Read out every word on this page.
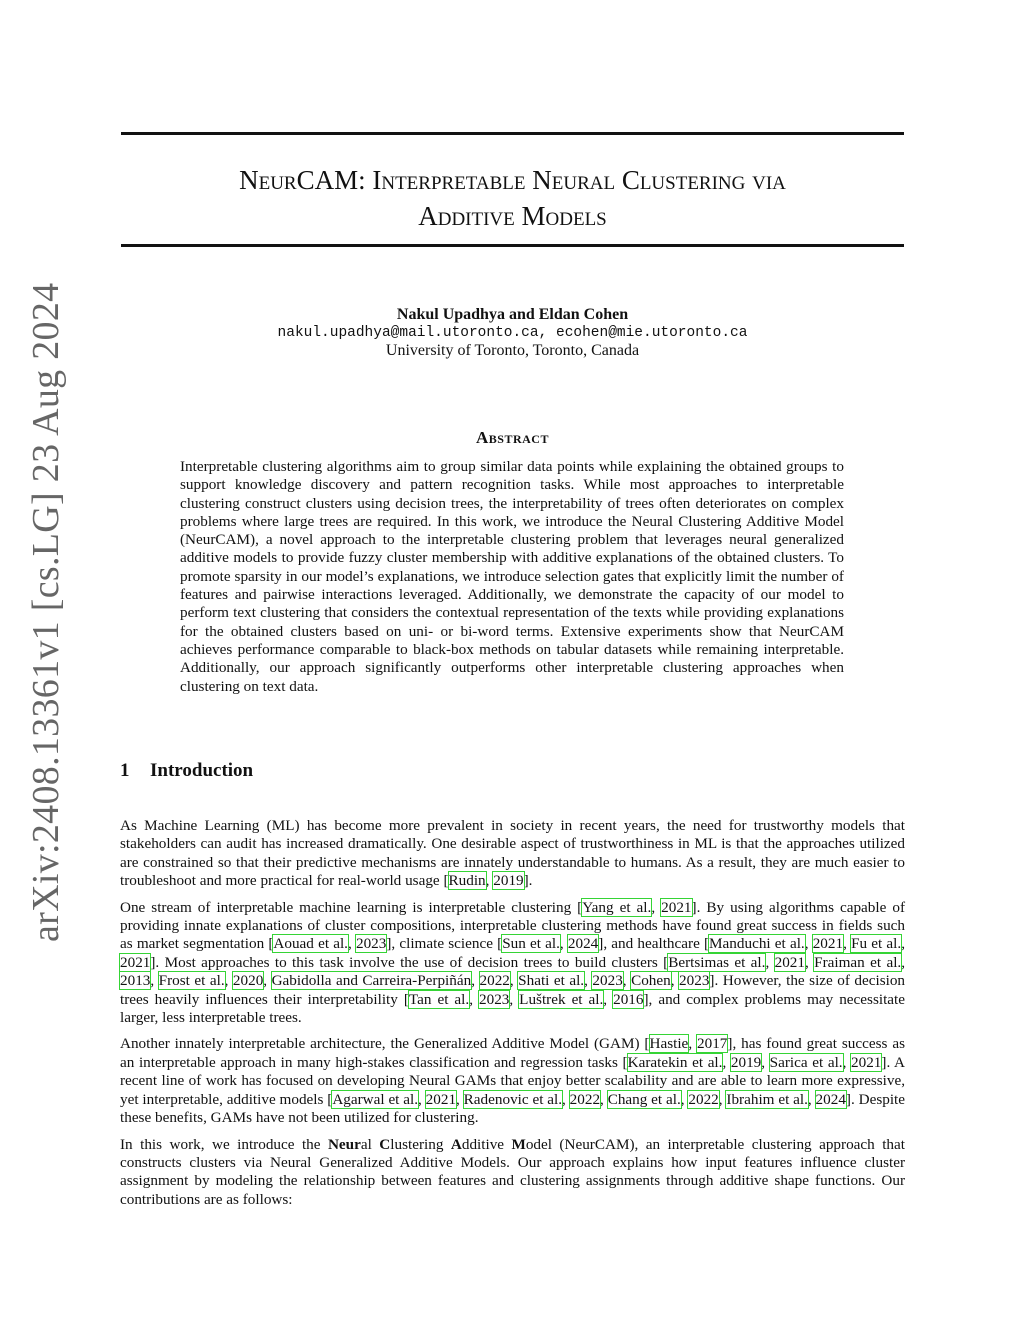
arXiv:2408.13361v1 [cs.LG] 23 Aug 2024
NeurCAM: Interpretable Neural Clustering via
Additive Models
Nakul Upadhya and Eldan Cohen
nakul.upadhya@mail.utoronto.ca, ecohen@mie.utoronto.ca
University of Toronto, Toronto, Canada
Abstract

Interpretable clustering algorithms aim to group similar data points while explaining the obtained groups to support knowledge discovery and pattern recognition tasks. While most approaches to interpretable clustering construct clusters using decision trees, the interpretability of trees often deteriorates on complex problems where large trees are required. In this work, we introduce the Neural Clustering Additive Model (NeurCAM), a novel approach to the interpretable clustering problem that leverages neural generalized additive models to provide fuzzy cluster membership with additive explanations of the obtained clusters. To promote sparsity in our model’s explanations, we introduce selection gates that explicitly limit the number of features and pairwise interactions leveraged. Additionally, we demonstrate the capacity of our model to perform text clustering that considers the contextual representation of the texts while providing explanations for the obtained clusters based on uni- or bi-word terms. Extensive experiments show that NeurCAM achieves performance comparable to black-box methods on tabular datasets while remaining interpretable. Additionally, our approach significantly outperforms other interpretable clustering approaches when clustering on text data.

1 Introduction

As Machine Learning (ML) has become more prevalent in society in recent years, the need for trustworthy models that stakeholders can audit has increased dramatically. One desirable aspect of trustworthiness in ML is that the approaches utilized are constrained so that their predictive mechanisms are innately understandable to humans. As a result, they are much easier to troubleshoot and more practical for real-world usage [Rudin, 2019].

One stream of interpretable machine learning is interpretable clustering [Yang et al., 2021]. By using algorithms capable of providing innate explanations of cluster compositions, interpretable clustering methods have found great success in fields such as market segmentation [Aouad et al., 2023], climate science [Sun et al., 2024], and healthcare [Manduchi et al., 2021, Fu et al., 2021]. Most approaches to this task involve the use of decision trees to build clusters [Bertsimas et al., 2021, Fraiman et al., 2013, Frost et al., 2020, Gabidolla and Carreira-Perpiñán, 2022, Shati et al., 2023, Cohen, 2023]. However, the size of decision trees heavily influences their interpretability [Tan et al., 2023, Luštrek et al., 2016], and complex problems may necessitate larger, less interpretable trees.

Another innately interpretable architecture, the Generalized Additive Model (GAM) [Hastie, 2017], has found great success as an interpretable approach in many high-stakes classification and regression tasks [Karatekin et al., 2019, Sarica et al., 2021]. A recent line of work has focused on developing Neural GAMs that enjoy better scalability and are able to learn more expressive, yet interpretable, additive models [Agarwal et al., 2021, Radenovic et al., 2022, Chang et al., 2022, Ibrahim et al., 2024]. Despite these benefits, GAMs have not been utilized for clustering.

In this work, we introduce the Neural Clustering Additive Model (NeurCAM), an interpretable clustering approach that constructs clusters via Neural Generalized Additive Models. Our approach explains how input features influence cluster assignment by modeling the relationship between features and clustering assignments through additive shape functions. Our contributions are as follows:
